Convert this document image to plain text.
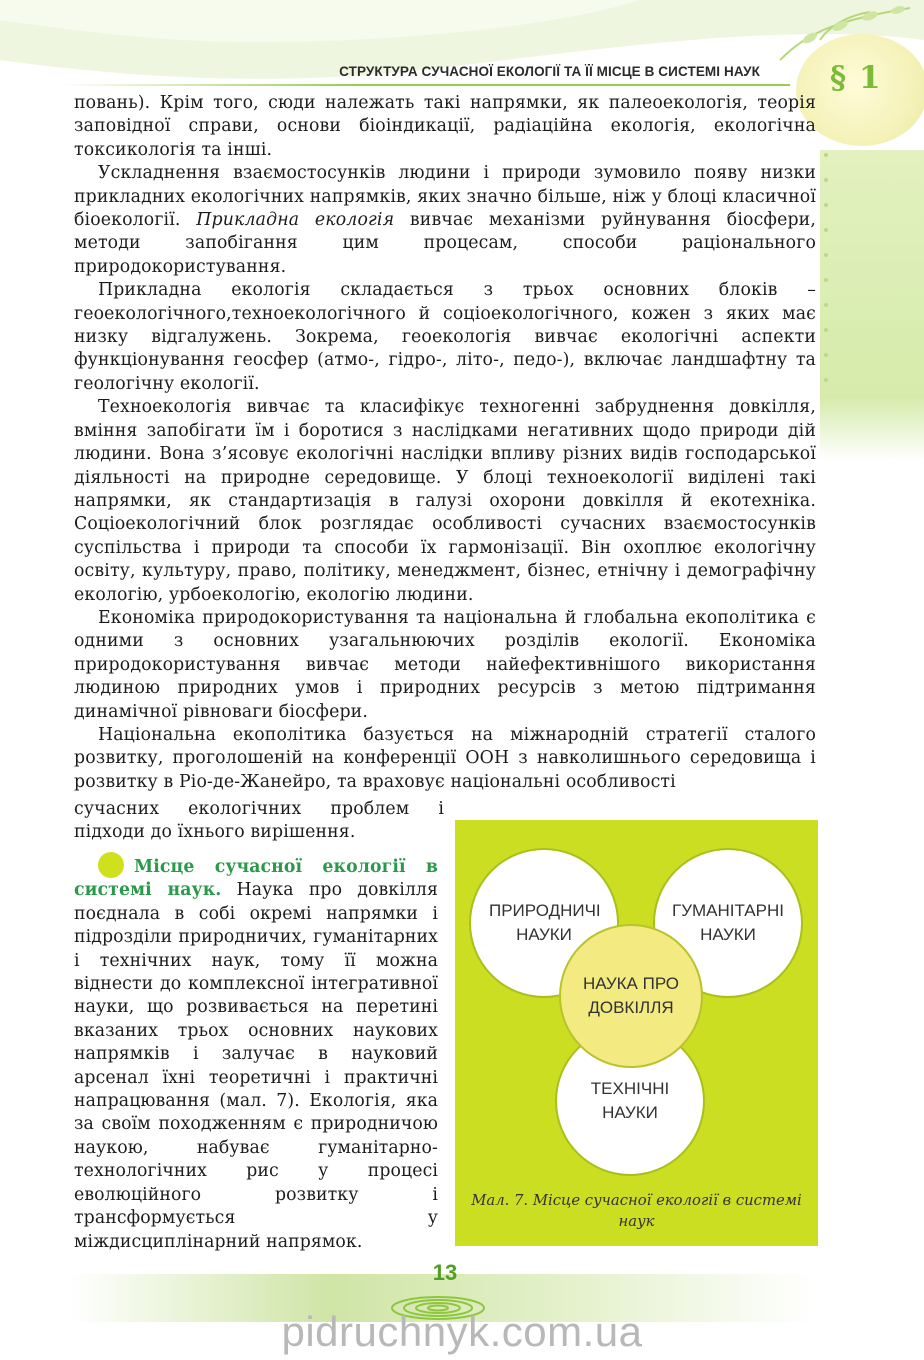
СТРУКТУРА СУЧАСНОЇ ЕКОЛОГІЇ ТА ЇЇ МІСЦЕ В СИСТЕМІ НАУК § 1

повань). Крім того, сюди належать такі напрямки, як палеоекологія, теорія заповідної справи, основи біоіндикації, радіаційна екологія, екологічна токсикологія та інші.

Ускладнення взаємостосунків людини і природи зумовило появу низки прикладних екологічних напрямків, яких значно більше, ніж у блоці класичної біоекології. Прикладна екологія вивчає механізми руйнування біосфери, методи запобігання цим процесам, способи раціонального природокористування.

Прикладна екологія складається з трьох основних блоків – геоекологічного,техноекологічного й соціоекологічного, кожен з яких має низку відгалужень. Зокрема, геоекологія вивчає екологічні аспекти функціонування геосфер (атмо-, гідро-, літо-, педо-), включає ландшафтну та геологічну екології.

Техноекологія вивчає та класифікує техногенні забруднення довкілля, вміння запобігати їм і боротися з наслідками негативних щодо природи дій людини. Вона з’ясовує екологічні наслідки впливу різних видів господарської діяльності на природне середовище. У блоці техноекології виділені такі напрямки, як стандартизація в галузі охорони довкілля й екотехніка. Соціоекологічний блок розглядає особливості сучасних взаємостосунків суспільства і природи та способи їх гармонізації. Він охоплює екологічну освіту, культуру, право, політику, менеджмент, бізнес, етнічну і демографічну екологію, урбоекологію, екологію людини.

Економіка природокористування та національна й глобальна екополітика є одними з основних узагальнюючих розділів екології. Економіка природокористування вивчає методи найефективнішого використання людиною природних умов і природних ресурсів з метою підтримання динамічної рівноваги біосфери.

Національна екополітика базується на міжнародній стратегії сталого розвитку, проголошеній на конференції ООН з навколишнього середовища і розвитку в Ріо-де-Жанейро, та враховує національні особливості

сучасних екологічних проблем і підходи до їхнього вирішення.
Місце сучасної екології в системі наук. Наука про довкілля поєднала в собі окремі напрямки і підрозділи природничих, гуманітарних і технічних наук, тому її можна віднести до комплексної інтегративної науки, що розвивається на перетині вказаних трьох основних наукових напрямків і залучає в науковий арсенал їхні теоретичні і практичні напрацювання (мал. 7). Екологія, яка за своїм походженням є природничою наукою, набуває гуманітарно-технологічних рис у процесі еволюційного розвитку і трансформується у міждисциплінарний напрямок.
ПРИРОДНИЧІ НАУКИ
ГУМАНІТАРНІ НАУКИ
ТЕХНІЧНІ НАУКИ
НАУКА ПРО ДОВКІЛЛЯ
Мал. 7. Місце сучасної екології в системі наук
13
pidruchnyk.com.ua
